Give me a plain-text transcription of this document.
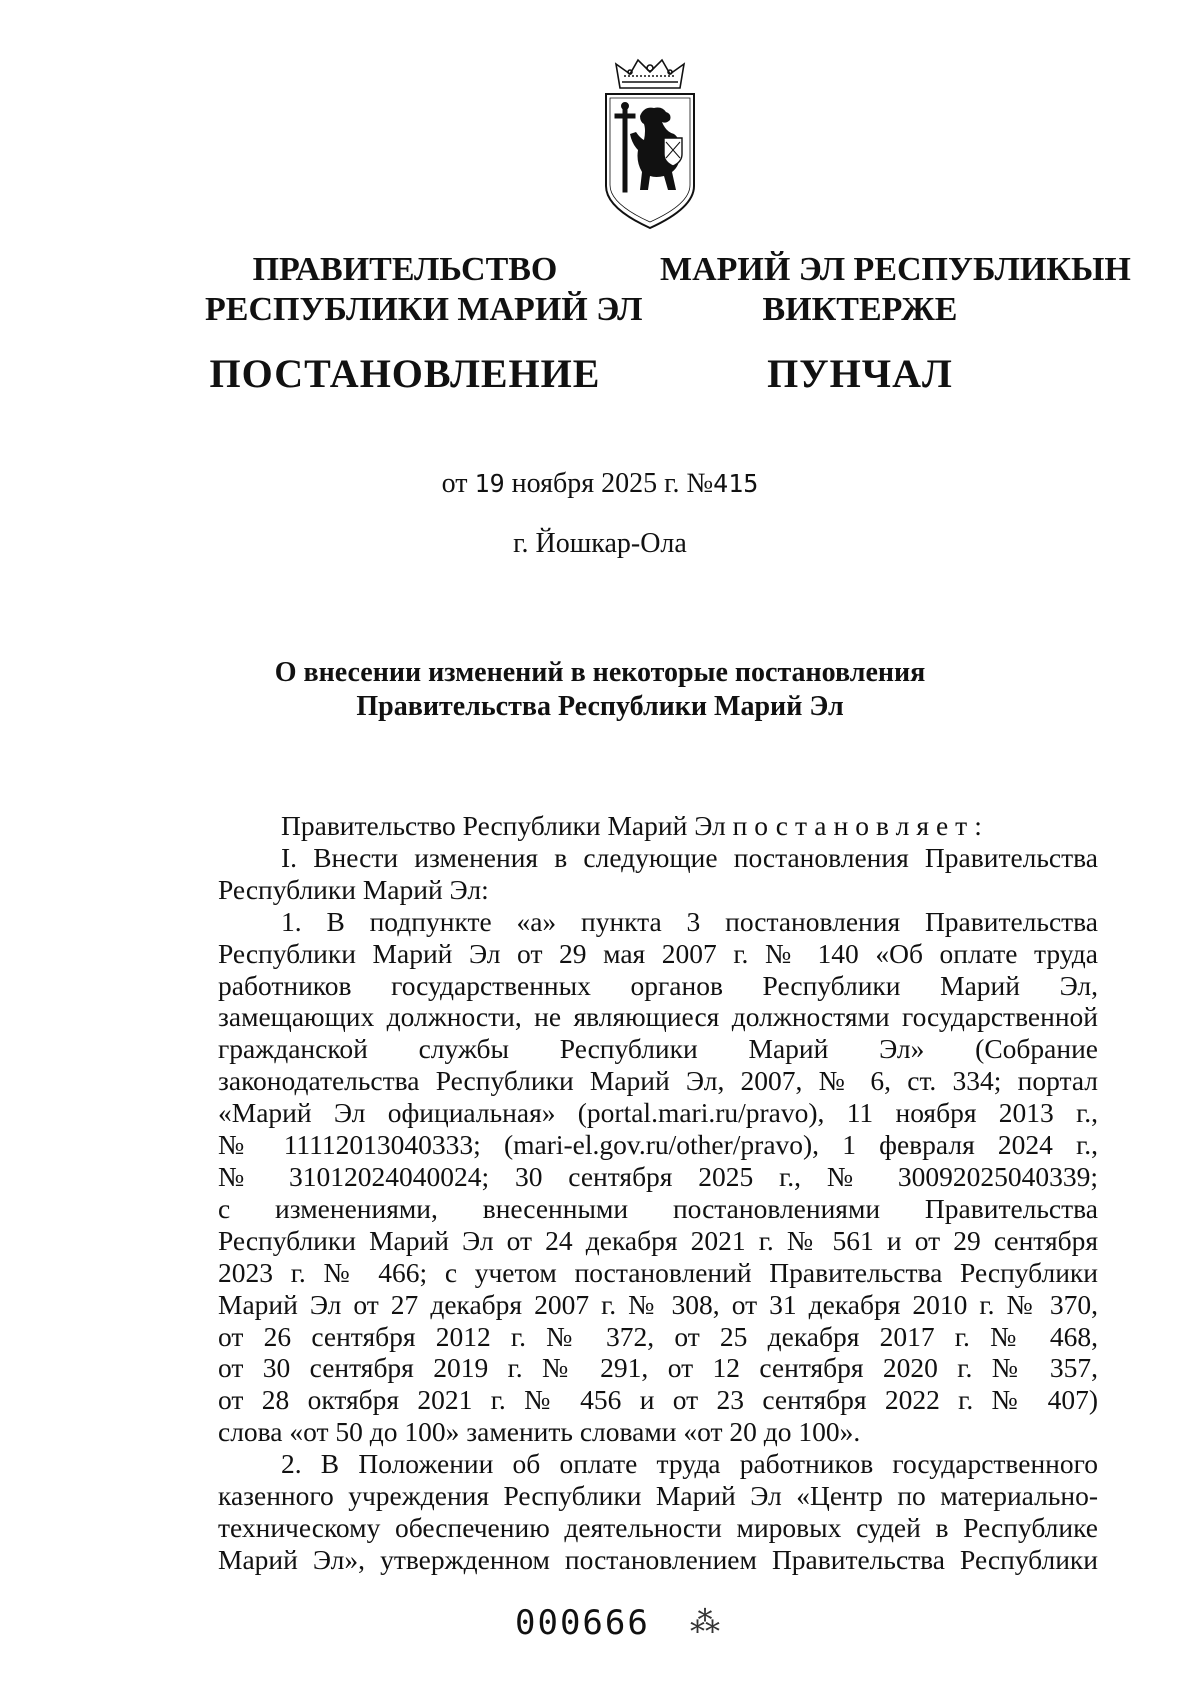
ПРАВИТЕЛЬСТВО
РЕСПУБЛИКИ МАРИЙ ЭЛ
ПОСТАНОВЛЕНИЕ
МАРИЙ ЭЛ РЕСПУБЛИКЫН
ВИКТЕРЖЕ
ПУНЧАЛ
от 19 ноября 2025 г. №415
г. Йошкар-Ола
О внесении изменений в некоторые постановления
Правительства Республики Марий Эл
Правительство Республики Марий Эл постановляет:
I. Внести изменения в следующие постановления Правительства
Республики Марий Эл:
1. В подпункте «а» пункта 3 постановления Правительства
Республики Марий Эл от 29 мая 2007 г. № 140 «Об оплате труда
работников государственных органов Республики Марий Эл,
замещающих должности, не являющиеся должностями государственной
гражданской службы Республики Марий Эл» (Собрание
законодательства Республики Марий Эл, 2007, № 6, ст. 334; портал
«Марий Эл официальная» (portal.mari.ru/pravo), 11 ноября 2013 г.,
№ 11112013040333; (mari-el.gov.ru/other/pravo), 1 февраля 2024 г.,
№ 31012024040024; 30 сентября 2025 г., № 30092025040339;
с изменениями, внесенными постановлениями Правительства
Республики Марий Эл от 24 декабря 2021 г. № 561 и от 29 сентября
2023 г. № 466; с учетом постановлений Правительства Республики
Марий Эл от 27 декабря 2007 г. № 308, от 31 декабря 2010 г. № 370,
от 26 сентября 2012 г. № 372, от 25 декабря 2017 г. № 468,
от 30 сентября 2019 г. № 291, от 12 сентября 2020 г. № 357,
от 28 октября 2021 г. № 456 и от 23 сентября 2022 г. № 407)
слова «от 50 до 100» заменить словами «от 20 до 100».
2. В Положении об оплате труда работников государственного
казенного учреждения Республики Марий Эл «Центр по материально-
техническому обеспечению деятельности мировых судей в Республике
Марий Эл», утвержденном постановлением Правительства Республики
000666 ⁂
